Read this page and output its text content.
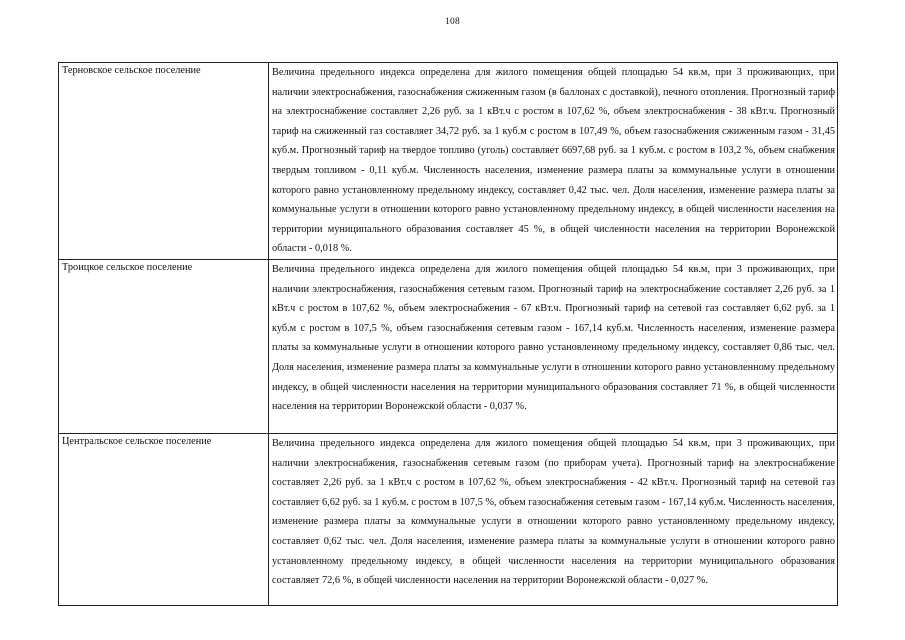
108
Терновское сельское поселение	Величина предельного индекса определена для жилого помещения общей площадью 54 кв.м, при 3 проживающих, при наличии электроснабжения, газоснабжения сжиженным газом (в баллонах с доставкой), печного отопления. Прогнозный тариф на электроснабжение составляет 2,26 руб. за 1 кВт.ч с ростом в 107,62 %, объем электроснабжения - 38 кВт.ч. Прогнозный тариф на сжиженный газ составляет 34,72 руб. за 1 куб.м с ростом в 107,49 %, объем газоснабжения сжиженным газом - 31,45 куб.м. Прогнозный тариф на твердое топливо (уголь) составляет 6697,68 руб. за 1 куб.м. с ростом в 103,2 %, объем снабжения твердым топливом - 0,11 куб.м. Численность населения, изменение размера платы за коммунальные услуги в отношении которого равно установленному предельному индексу, составляет 0,42 тыс. чел. Доля населения, изменение размера платы за коммунальные услуги в отношении которого равно установленному предельному индексу, в общей численности населения на территории муниципального образования составляет 45 %, в общей численности населения на территории Воронежской области - 0,018 %.
Троицкое сельское поселение	Величина предельного индекса определена для жилого помещения общей площадью 54 кв.м, при 3 проживающих, при наличии электроснабжения, газоснабжения сетевым газом. Прогнозный тариф на электроснабжение составляет 2,26 руб. за 1 кВт.ч с ростом в 107,62 %, объем электроснабжения - 67 кВт.ч. Прогнозный тариф на сетевой газ составляет 6,62 руб. за 1 куб.м с ростом в 107,5 %, объем газоснабжения сетевым газом - 167,14 куб.м. Численность населения, изменение размера платы за коммунальные услуги в отношении которого равно установленному предельному индексу, составляет 0,86 тыс. чел. Доля населения, изменение размера платы за коммунальные услуги в отношении которого равно установленному предельному индексу, в общей численности населения на территории муниципального образования составляет 71 %, в общей численности населения на территории Воронежской области - 0,037 %.
Центральское сельское поселение	Величина предельного индекса определена для жилого помещения общей площадью 54 кв.м, при 3 проживающих, при наличии электроснабжения, газоснабжения сетевым газом (по приборам учета). Прогнозный тариф на электроснабжение составляет 2,26 руб. за 1 кВт.ч с ростом в 107,62 %, объем электроснабжения - 42 кВт.ч. Прогнозный тариф на сетевой газ составляет 6,62 руб. за 1 куб.м. с ростом в 107,5 %, объем газоснабжения сетевым газом - 167,14 куб.м. Численность населения, изменение размера платы за коммунальные услуги в отношении которого равно установленному предельному индексу, составляет 0,62 тыс. чел. Доля населения, изменение размера платы за коммунальные услуги в отношении которого равно установленному предельному индексу, в общей численности населения на территории муниципального образования составляет 72,6 %, в общей численности населения на территории Воронежской области - 0,027 %.
